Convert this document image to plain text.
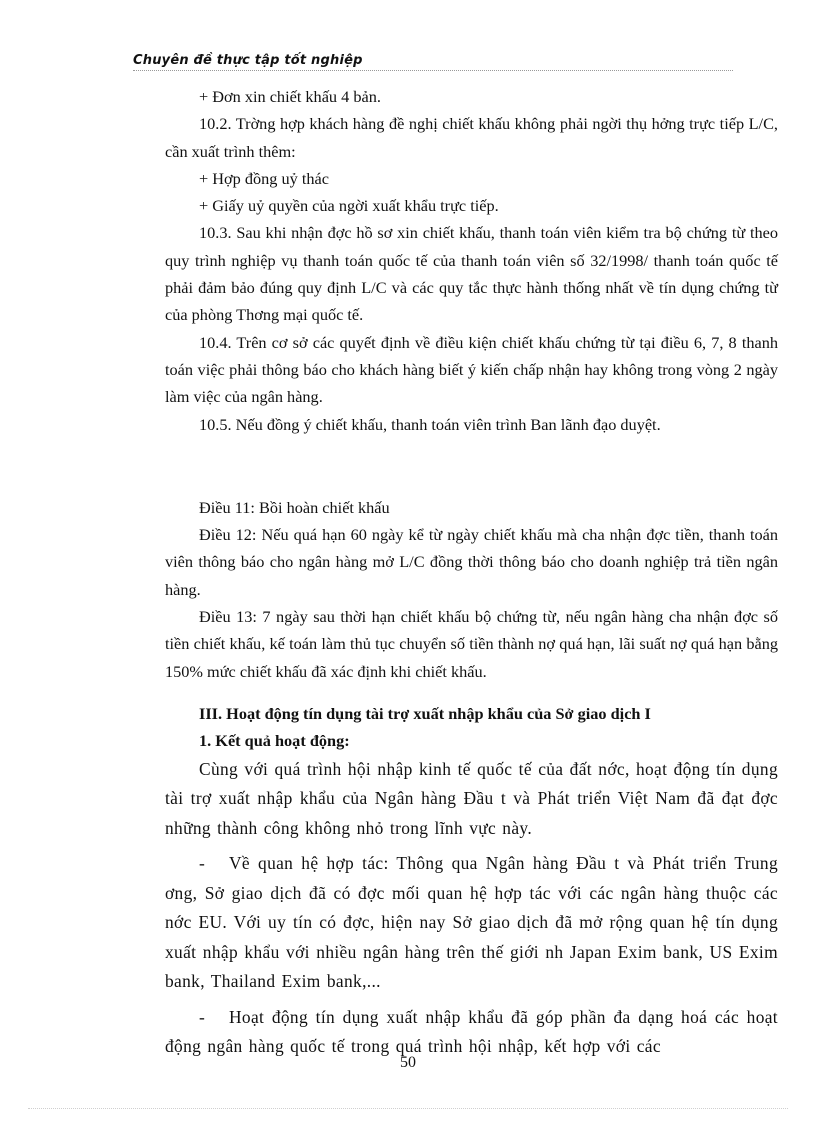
Chuyên đề thực tập tốt nghiệp

+ Đơn xin chiết khấu 4 bản.

10.2. Trờng hợp khách hàng đề nghị chiết khấu không phải ngời thụ hởng trực tiếp L/C, cần xuất trình thêm:

+ Hợp đồng uỷ thác

+ Giấy uỷ quyền của ngời xuất khẩu trực tiếp.

10.3. Sau khi nhận đợc hồ sơ xin chiết khấu, thanh toán viên kiểm tra bộ chứng từ theo quy trình nghiệp vụ thanh toán quốc tế của thanh toán viên số 32/1998/ thanh toán quốc tế phải đảm bảo đúng quy định L/C và các quy tắc thực hành thống nhất về tín dụng chứng từ của phòng Thơng mại quốc tế.

10.4. Trên cơ sở các quyết định về điều kiện chiết khấu chứng từ tại điều 6, 7, 8 thanh toán việc phải thông báo cho khách hàng biết ý kiến chấp nhận hay không trong vòng 2 ngày làm việc của ngân hàng.

10.5. Nếu đồng ý chiết khấu, thanh toán viên trình Ban lãnh đạo duyệt.

Điều 11: Bồi hoàn chiết khấu

Điều 12: Nếu quá hạn 60 ngày kể từ ngày chiết khấu mà cha nhận đợc tiền, thanh toán viên thông báo cho ngân hàng mở L/C đồng thời thông báo cho doanh nghiệp trả tiền ngân hàng.

Điều 13: 7 ngày sau thời hạn chiết khấu bộ chứng từ, nếu ngân hàng cha nhận đợc số tiền chiết khấu, kế toán làm thủ tục chuyển số tiền thành nợ quá hạn, lãi suất nợ quá hạn bằng 150% mức chiết khấu đã xác định khi chiết khấu.

III. Hoạt động tín dụng tài trợ xuất nhập khẩu của Sở giao dịch I

1. Kết quả hoạt động:

Cùng với quá trình hội nhập kinh tế quốc tế của đất nớc, hoạt động tín dụng tài trợ xuất nhập khẩu của Ngân hàng Đầu t và Phát triển Việt Nam đã đạt đợc những thành công không nhỏ trong lĩnh vực này.

- Về quan hệ hợp tác: Thông qua Ngân hàng Đầu t và Phát triển Trung ơng, Sở giao dịch đã có đợc mối quan hệ hợp tác với các ngân hàng thuộc các nớc EU. Với uy tín có đợc, hiện nay Sở giao dịch đã mở rộng quan hệ tín dụng xuất nhập khẩu với nhiều ngân hàng trên thế giới nh Japan Exim bank, US Exim bank, Thailand Exim bank,...

- Hoạt động tín dụng xuất nhập khẩu đã góp phần đa dạng hoá các hoạt động ngân hàng quốc tế trong quá trình hội nhập, kết hợp với các

50
